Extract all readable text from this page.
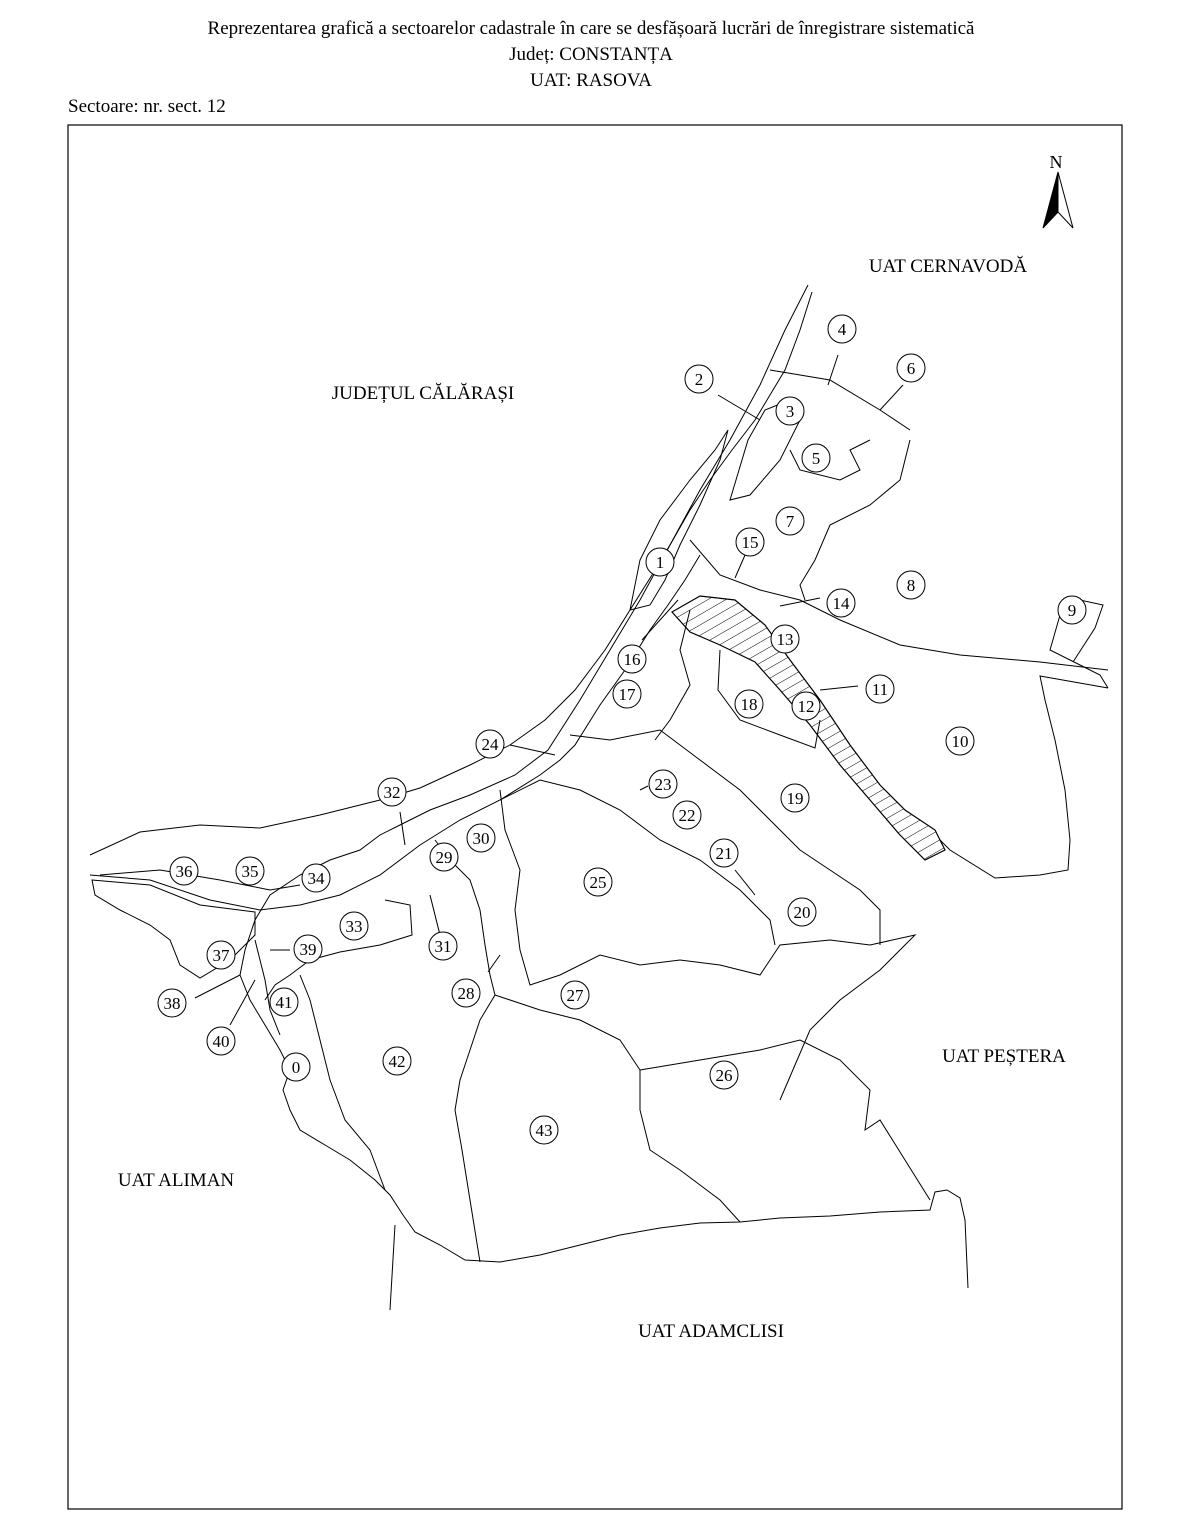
Reprezentarea grafică a sectoarelor cadastrale în care se desfășoară lucrări de înregistrare sistematică
Județ: CONSTANȚA
UAT: RASOVA
Sectoare: nr. sect. 12
N
UAT CERNAVODĂ
JUDEȚUL CĂLĂRAȘI
UAT PEȘTERA
UAT ALIMAN
UAT ADAMCLISI
0
1
2
3
4
5
6
7
8
9
10
11
12
13
14
15
16
17
18
19
20
21
22
23
24
25
26
27
28
29
30
31
32
33
34
35
36
37
38
39
40
41
42
43
